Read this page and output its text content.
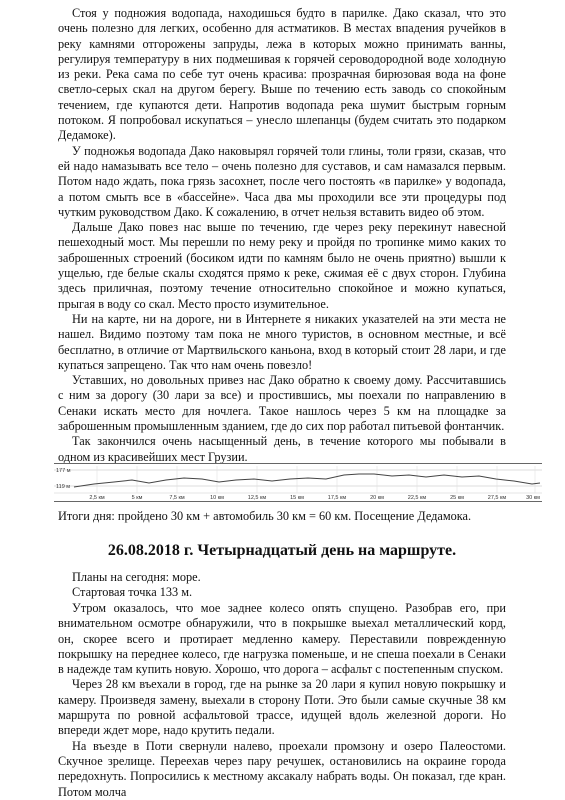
Стоя у подножия водопада, находишься будто в парилке. Дако сказал, что это очень полезно для легких, особенно для астматиков. В местах впадения ручейков в реку камнями отгорожены запруды, лежа в которых можно принимать ванны, регулируя температуру в них подмешивая к горячей сероводородной воде холодную из реки. Река сама по себе тут очень красива: прозрачная бирюзовая вода на фоне светло-серых скал на другом берегу. Выше по течению есть заводь со спокойным течением, где купаются дети. Напротив водопада река шумит быстрым горным потоком. Я попробовал искупаться – унесло шлепанцы (будем считать это подарком Дедамоке).

У подножья водопада Дако наковырял горячей толи глины, толи грязи, сказав, что ей надо намазывать все тело – очень полезно для суставов, и сам намазался первым. Потом надо ждать, пока грязь засохнет, после чего постоять «в парилке» у водопада, а потом смыть все в «бассейне». Часа два мы проходили все эти процедуры под чутким руководством Дако. К сожалению, в отчет нельзя вставить видео об этом.

Дальше Дако повез нас выше по течению, где через реку перекинут навесной пешеходный мост. Мы перешли по нему реку и пройдя по тропинке мимо каких то заброшенных строений (босиком идти по камням было не очень приятно) вышли к ущелью, где белые скалы сходятся прямо к реке, сжимая её с двух сторон. Глубина здесь приличная, поэтому течение относительно спокойное и можно купаться, прыгая в воду со скал. Место просто изумительное.

Ни на карте, ни на дороге, ни в Интернете я никаких указателей на эти места не нашел. Видимо поэтому там пока не много туристов, в основном местные, и всё бесплатно, в отличие от Мартвильского каньона, вход в который стоит 28 лари, и где купаться запрещено. Так что нам очень повезло!

Уставших, но довольных привез нас Дако обратно к своему дому. Рассчитавшись с ним за дорогу (30 лари за все) и простившись, мы поехали по направлению в Сенаки искать место для ночлега. Такое нашлось через 5 км на площадке за заброшенным промышленным зданием, где до сих пор работал питьевой фонтанчик.

Так закончился очень насыщенный день, в течение которого мы побывали в одном из красивейших мест Грузии.

177 м
119 м
2,5 км	5 км	7,5 км	10 км	12,5 км	15 км	17,5 км	20 км	22,5 км	25 км	27,5 км	30 км

Итоги дня: пройдено 30 км + автомобиль 30 км = 60 км. Посещение Дедамока.

26.08.2018 г. Четырнадцатый день на маршруте.

Планы на сегодня: море.

Стартовая точка 133 м.

Утром оказалось, что мое заднее колесо опять спущено. Разобрав его, при внимательном осмотре обнаружили, что в покрышке выехал металлический корд, он, скорее всего и протирает медленно камеру. Переставили поврежденную покрышку на переднее колесо, где нагрузка поменьше, и не спеша поехали в Сенаки в надежде там купить новую. Хорошо, что дорога – асфальт с постепенным спуском.

Через 28 км въехали в город, где на рынке за 20 лари я купил новую покрышку и камеру. Произведя замену, выехали в сторону Поти. Это были самые скучные 38 км маршрута по ровной асфальтовой трассе, идущей вдоль железной дороги. Но впереди ждет море, надо крутить педали.

На въезде в Поти свернули налево, проехали промзону и озеро Палеостоми. Скучное зрелище. Переехав через пару речушек, остановились на окраине города передохнуть. Попросились к местному аксакалу набрать воды. Он показал, где кран. Потом молча
